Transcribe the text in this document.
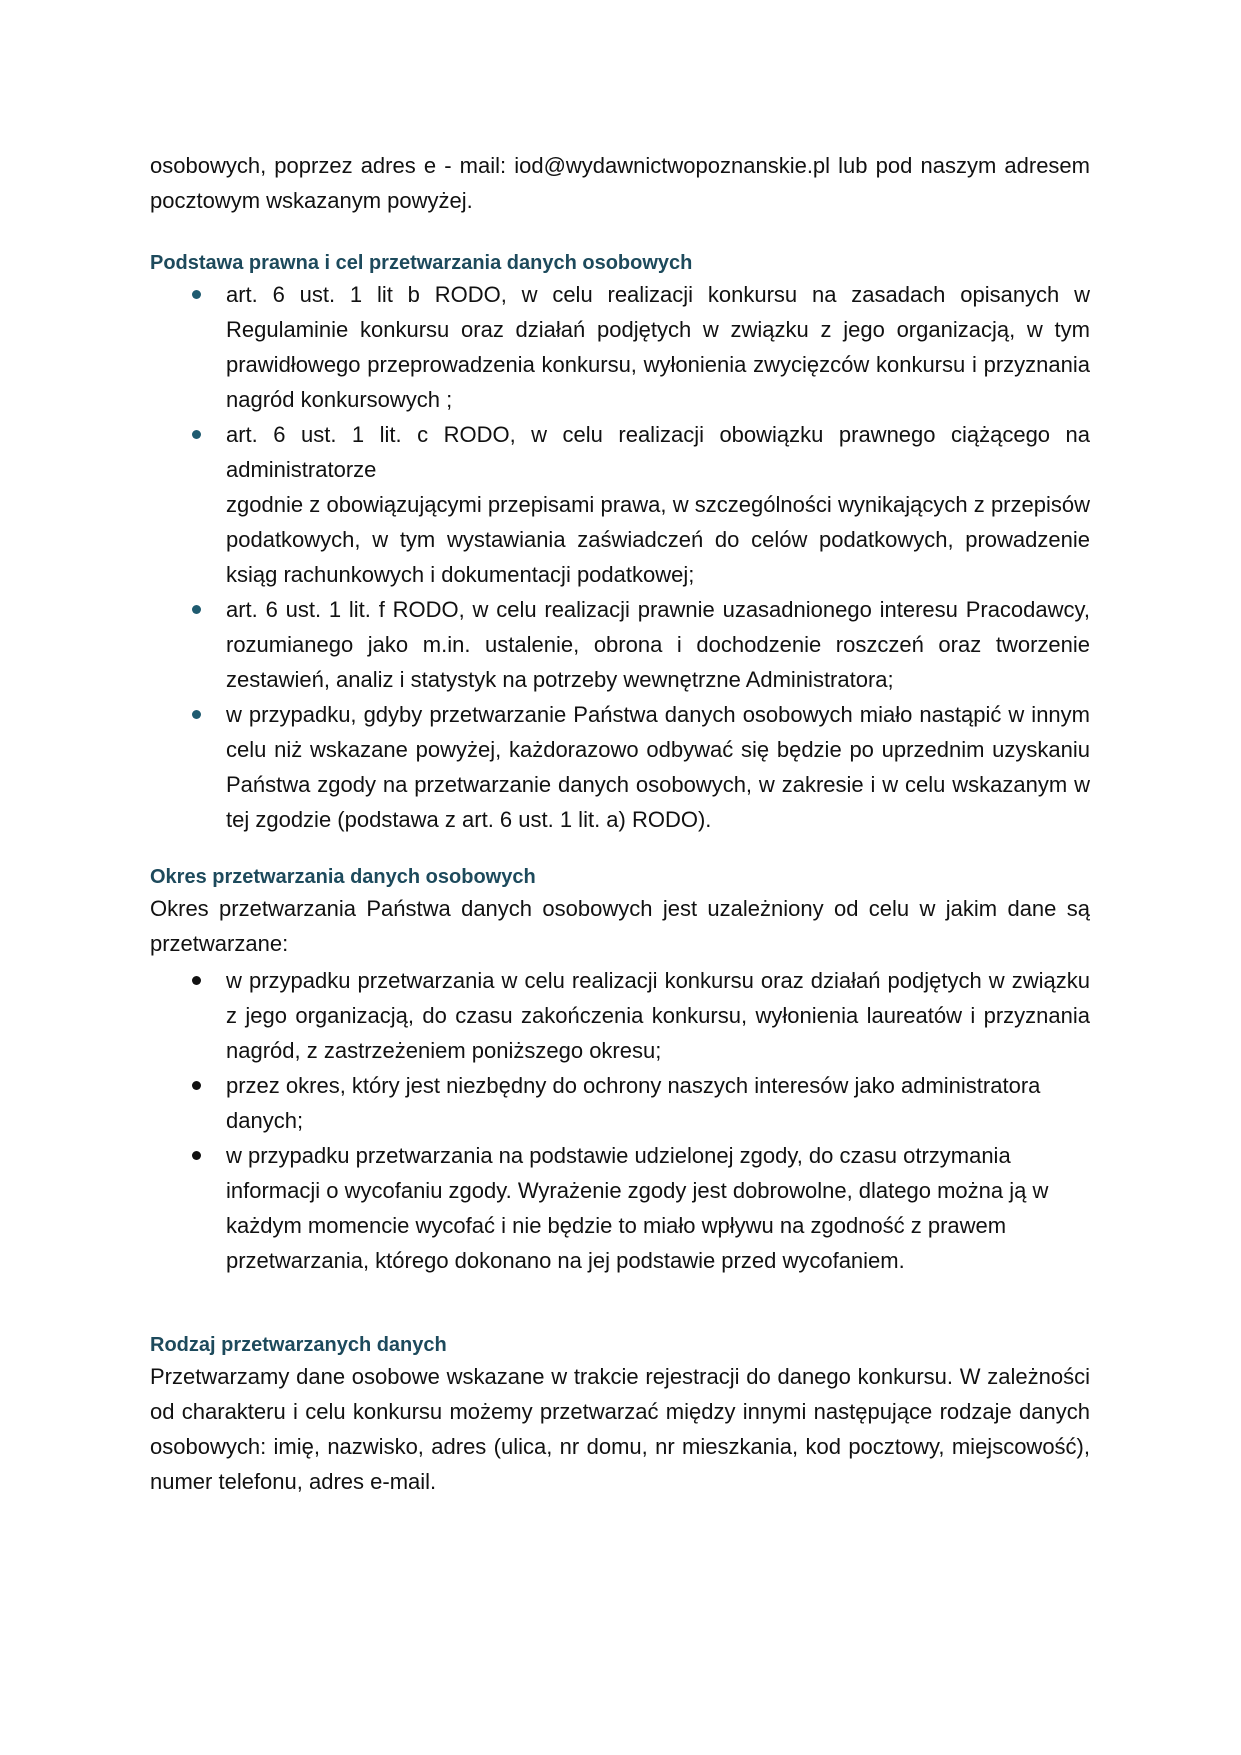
osobowych, poprzez adres e - mail: iod@wydawnictwopoznanskie.pl lub pod naszym adresem pocztowym wskazanym powyżej.

Podstawa prawna i cel przetwarzania danych osobowych
art. 6 ust. 1 lit b RODO, w celu realizacji konkursu na zasadach opisanych w Regulaminie konkursu oraz działań podjętych w związku z jego organizacją, w tym prawidłowego przeprowadzenia konkursu, wyłonienia zwycięzców konkursu i przyznania nagród konkursowych ;
art. 6 ust. 1 lit. c RODO, w celu realizacji obowiązku prawnego ciążącego na administratorze
zgodnie z obowiązującymi przepisami prawa, w szczególności wynikających z przepisów podatkowych, w tym wystawiania zaświadczeń do celów podatkowych, prowadzenie ksiąg rachunkowych i dokumentacji podatkowej;
art. 6 ust. 1 lit. f RODO, w celu realizacji prawnie uzasadnionego interesu Pracodawcy, rozumianego jako m.in. ustalenie, obrona i dochodzenie roszczeń oraz tworzenie zestawień, analiz i statystyk na potrzeby wewnętrzne Administratora;
w przypadku, gdyby przetwarzanie Państwa danych osobowych miało nastąpić w innym celu niż wskazane powyżej, każdorazowo odbywać się będzie po uprzednim uzyskaniu Państwa zgody na przetwarzanie danych osobowych, w zakresie i w celu wskazanym w tej zgodzie (podstawa z art. 6 ust. 1 lit. a) RODO).
Okres przetwarzania danych osobowych

Okres przetwarzania Państwa danych osobowych jest uzależniony od celu w jakim dane są przetwarzane:

w przypadku przetwarzania w celu realizacji konkursu oraz działań podjętych w związku z jego organizacją, do czasu zakończenia konkursu, wyłonienia laureatów i przyznania nagród, z zastrzeżeniem poniższego okresu;
przez okres, który jest niezbędny do ochrony naszych interesów jako administratora danych;
w przypadku przetwarzania na podstawie udzielonej zgody, do czasu otrzymania informacji o wycofaniu zgody. Wyrażenie zgody jest dobrowolne, dlatego można ją w każdym momencie wycofać i nie będzie to miało wpływu na zgodność z prawem przetwarzania, którego dokonano na jej podstawie przed wycofaniem.
Rodzaj przetwarzanych danych

Przetwarzamy dane osobowe wskazane w trakcie rejestracji do danego konkursu. W zależności od charakteru i celu konkursu możemy przetwarzać między innymi następujące rodzaje danych osobowych: imię, nazwisko, adres (ulica, nr domu, nr mieszkania, kod pocztowy, miejscowość), numer telefonu, adres e-mail.
